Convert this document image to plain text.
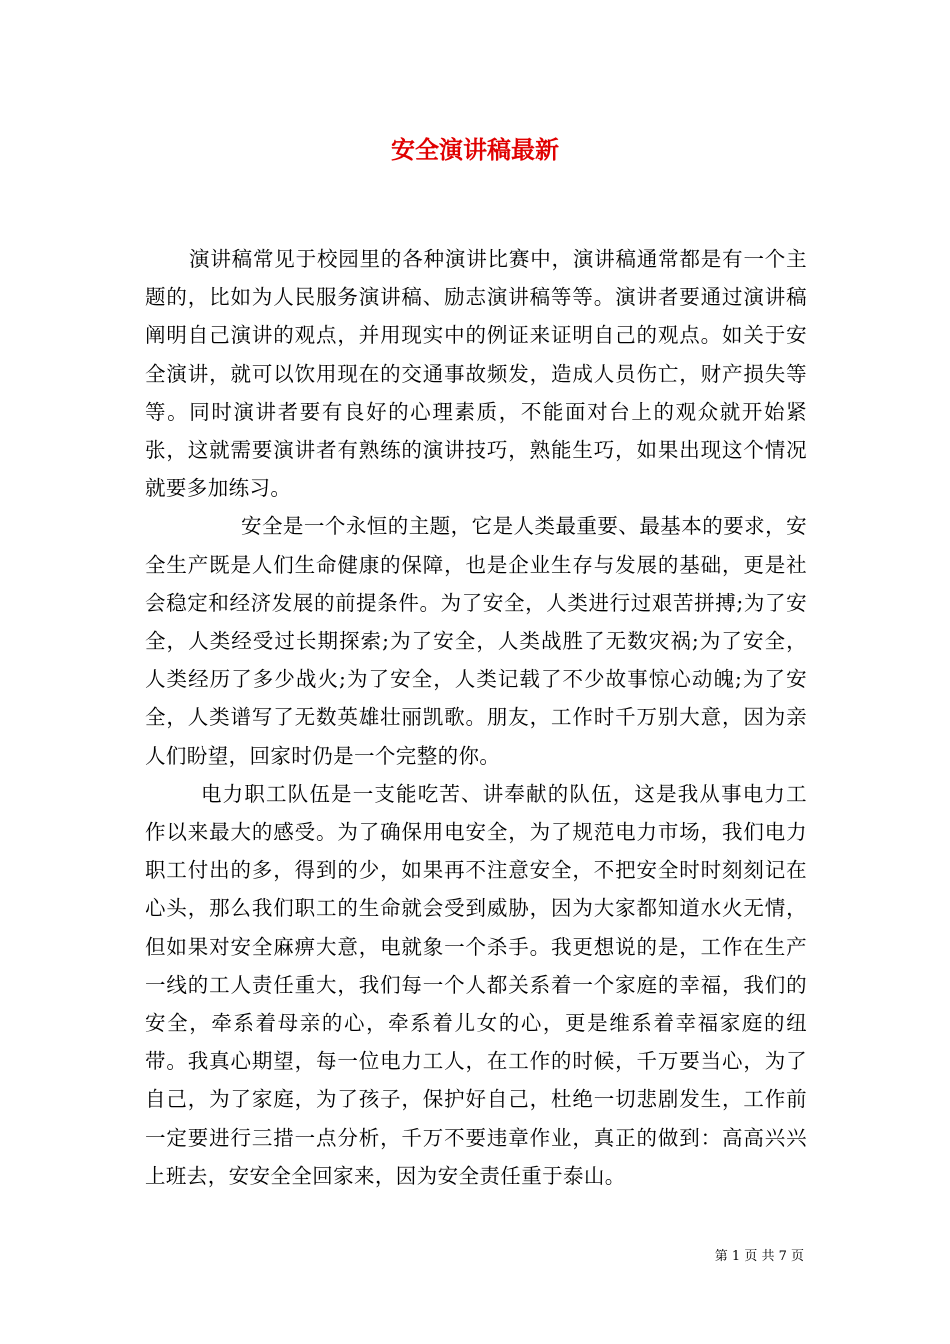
安全演讲稿最新

演讲稿常见于校园里的各种演讲比赛中，演讲稿通常都是有一个主题的，比如为人民服务演讲稿、励志演讲稿等等。演讲者要通过演讲稿阐明自己演讲的观点，并用现实中的例证来证明自己的观点。如关于安全演讲，就可以饮用现在的交通事故频发，造成人员伤亡，财产损失等等。同时演讲者要有良好的心理素质，不能面对台上的观众就开始紧张，这就需要演讲者有熟练的演讲技巧，熟能生巧，如果出现这个情况就要多加练习。

安全是一个永恒的主题，它是人类最重要、最基本的要求，安全生产既是人们生命健康的保障，也是企业生存与发展的基础，更是社会稳定和经济发展的前提条件。为了安全，人类进行过艰苦拼搏;为了安全，人类经受过长期探索;为了安全，人类战胜了无数灾祸;为了安全，人类经历了多少战火;为了安全，人类记载了不少故事惊心动魄;为了安全，人类谱写了无数英雄壮丽凯歌。朋友，工作时千万别大意，因为亲人们盼望，回家时仍是一个完整的你。

电力职工队伍是一支能吃苦、讲奉献的队伍，这是我从事电力工作以来最大的感受。为了确保用电安全，为了规范电力市场，我们电力职工付出的多，得到的少，如果再不注意安全，不把安全时时刻刻记在心头，那么我们职工的生命就会受到威胁，因为大家都知道水火无情，但如果对安全麻痹大意，电就象一个杀手。我更想说的是，工作在生产一线的工人责任重大，我们每一个人都关系着一个家庭的幸福，我们的安全，牵系着母亲的心，牵系着儿女的心，更是维系着幸福家庭的纽带。我真心期望，每一位电力工人，在工作的时候，千万要当心，为了自己，为了家庭，为了孩子，保护好自己，杜绝一切悲剧发生，工作前一定要进行三措一点分析，千万不要违章作业，真正的做到：高高兴兴上班去，安安全全回家来，因为安全责任重于泰山。

第 1 页 共 7 页
